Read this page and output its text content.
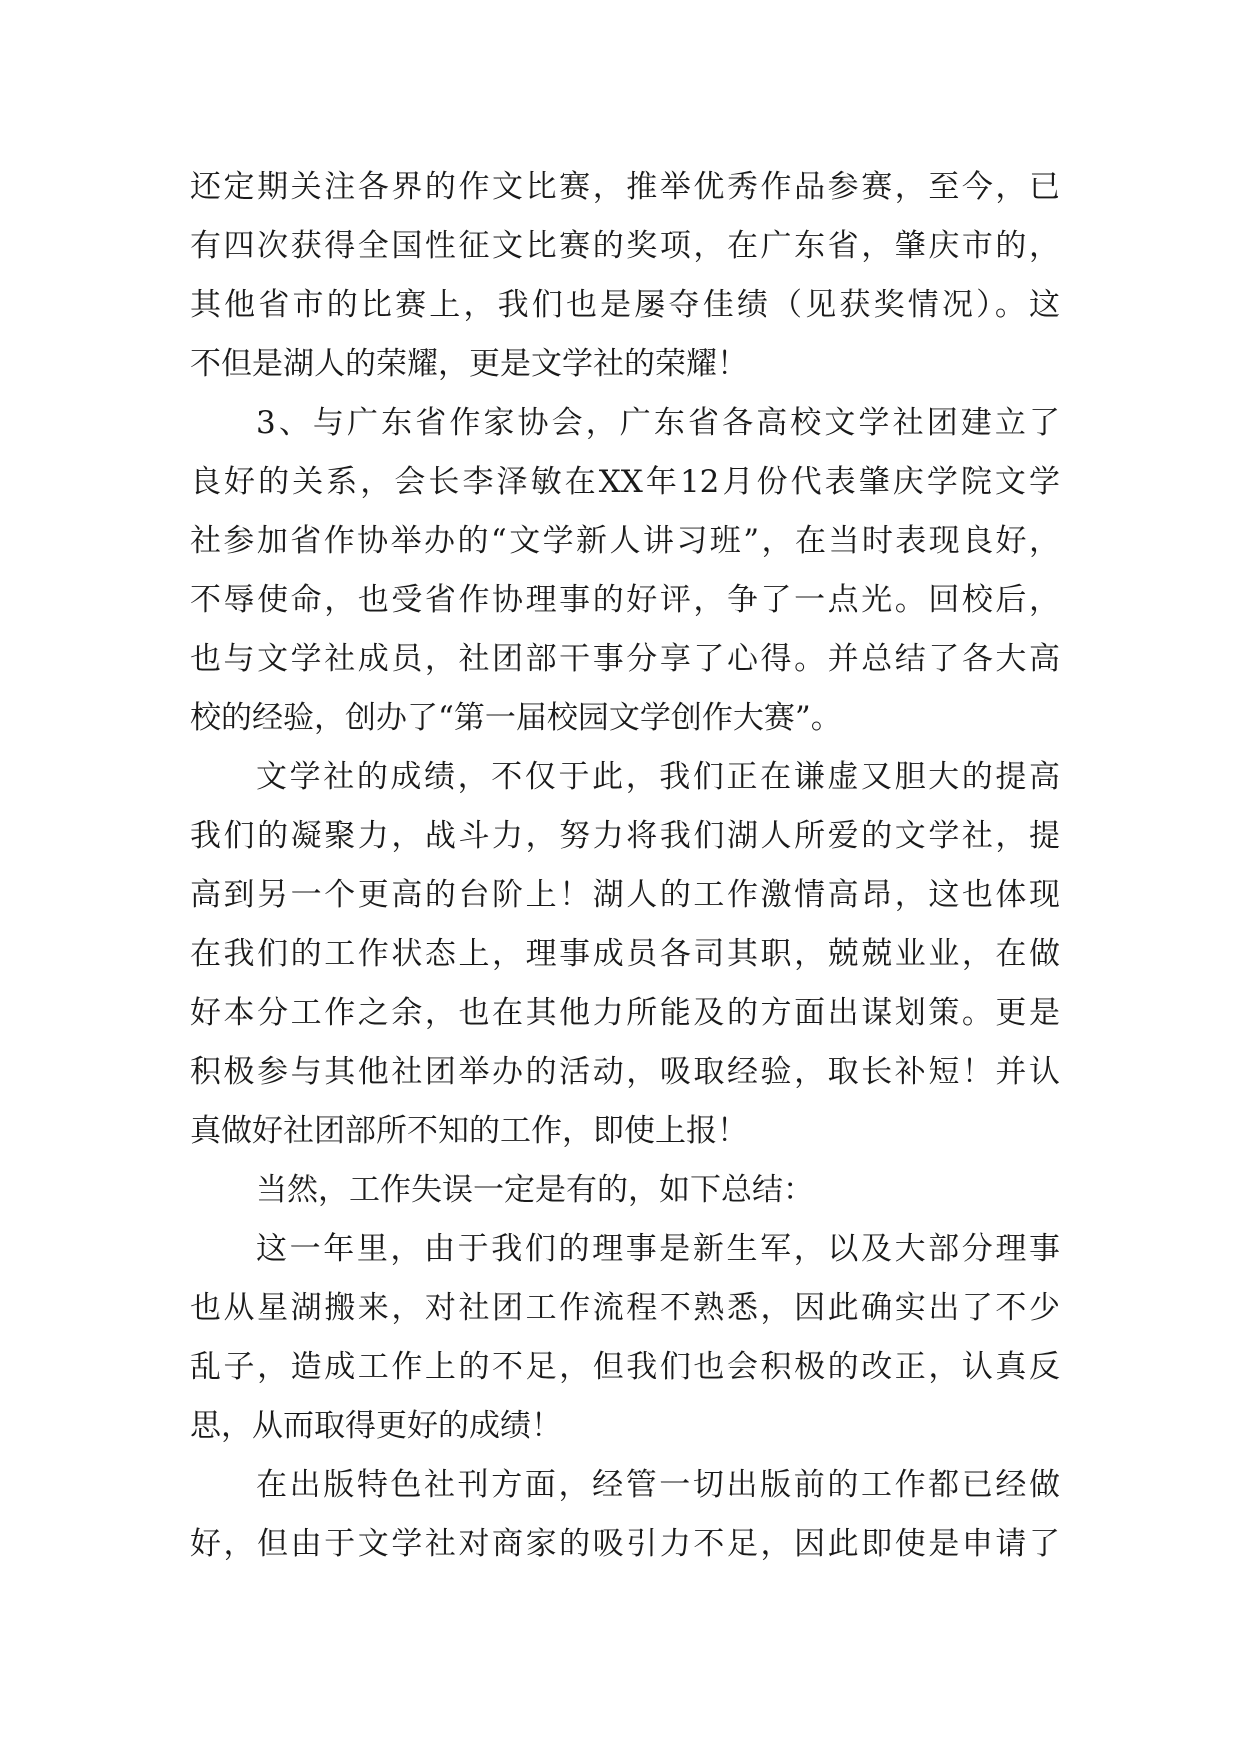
还定期关注各界的作文比赛，推举优秀作品参赛，至今，已
有四次获得全国性征文比赛的奖项，在广东省，肇庆市的，
其他省市的比赛上，我们也是屡夺佳绩（见获奖情况）。这
不但是湖人的荣耀，更是文学社的荣耀！
3、与广东省作家协会，广东省各高校文学社团建立了
良好的关系，会长李泽敏在XX年12月份代表肇庆学院文学
社参加省作协举办的“文学新人讲习班”，在当时表现良好，
不辱使命，也受省作协理事的好评，争了一点光。回校后，
也与文学社成员，社团部干事分享了心得。并总结了各大高
校的经验，创办了“第一届校园文学创作大赛”。
文学社的成绩，不仅于此，我们正在谦虚又胆大的提高
我们的凝聚力，战斗力，努力将我们湖人所爱的文学社，提
高到另一个更高的台阶上！湖人的工作激情高昂，这也体现
在我们的工作状态上，理事成员各司其职，兢兢业业，在做
好本分工作之余，也在其他力所能及的方面出谋划策。更是
积极参与其他社团举办的活动，吸取经验，取长补短！并认
真做好社团部所不知的工作，即使上报！
当然，工作失误一定是有的，如下总结：
这一年里，由于我们的理事是新生军，以及大部分理事
也从星湖搬来，对社团工作流程不熟悉，因此确实出了不少
乱子，造成工作上的不足，但我们也会积极的改正，认真反
思，从而取得更好的成绩！
在出版特色社刊方面，经管一切出版前的工作都已经做
好，但由于文学社对商家的吸引力不足，因此即使是申请了
